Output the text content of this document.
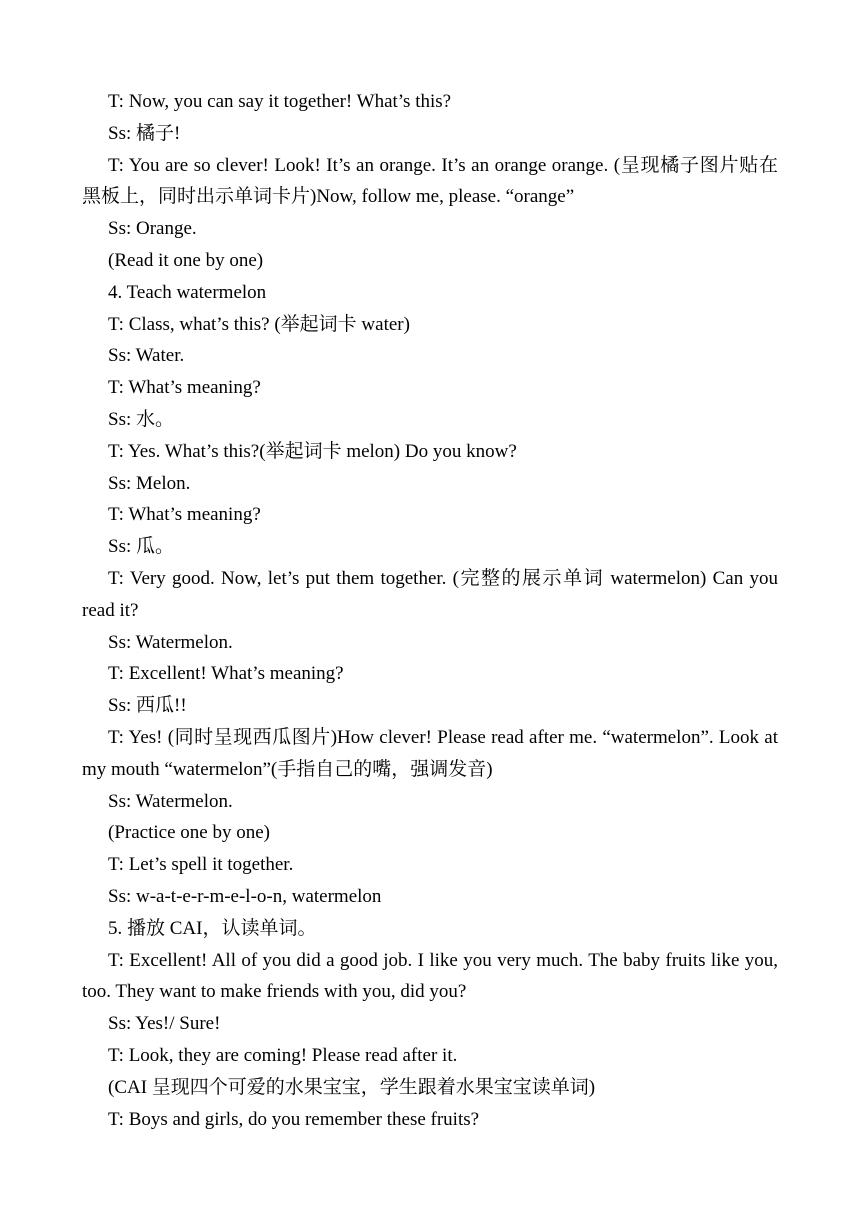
T: Now, you can say it together! What’s this?

Ss: 橘子!

T: You are so clever! Look! It’s an orange. It’s an orange orange. (呈现橘子图片贴在黑板上，同时出示单词卡片)Now, follow me, please. “orange”

Ss: Orange.

(Read it one by one)

4. Teach watermelon

T: Class, what’s this? (举起词卡 water)

Ss: Water.

T: What’s meaning?

Ss: 水。

T: Yes. What’s this?(举起词卡 melon) Do you know?

Ss: Melon.

T: What’s meaning?

Ss: 瓜。

T: Very good. Now, let’s put them together. (完整的展示单词 watermelon) Can you read it?

Ss: Watermelon.

T: Excellent! What’s meaning?

Ss: 西瓜!!

T: Yes! (同时呈现西瓜图片)How clever! Please read after me. “watermelon”. Look at my mouth “watermelon”(手指自己的嘴，强调发音)

Ss: Watermelon.

(Practice one by one)

T: Let’s spell it together.

Ss: w-a-t-e-r-m-e-l-o-n, watermelon

5. 播放 CAI，认读单词。

T: Excellent! All of you did a good job. I like you very much. The baby fruits like you, too. They want to make friends with you, did you?

Ss: Yes!/ Sure!

T: Look, they are coming! Please read after it.

(CAI 呈现四个可爱的水果宝宝，学生跟着水果宝宝读单词)

T: Boys and girls, do you remember these fruits?
